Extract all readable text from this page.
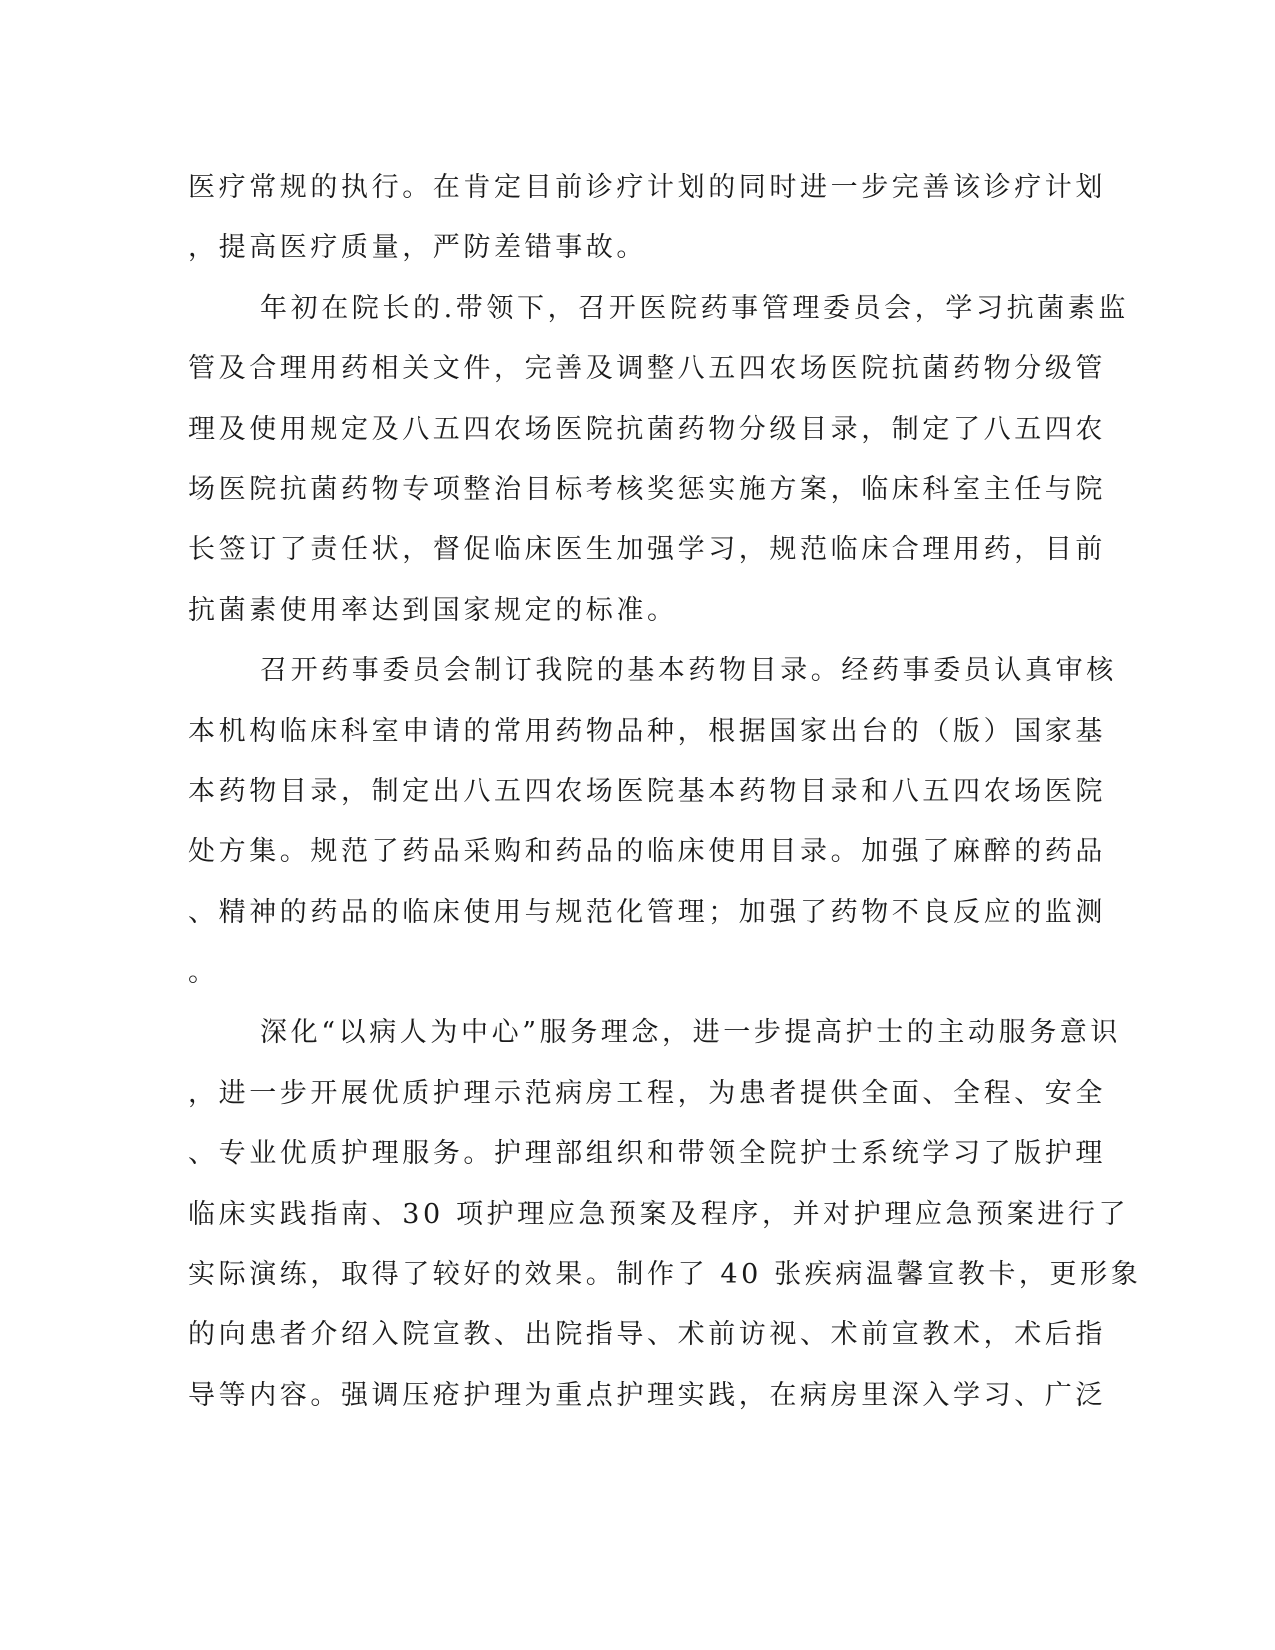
医疗常规的执行。在肯定目前诊疗计划的同时进一步完善该诊疗计划
，提高医疗质量，严防差错事故。
年初在院长的.带领下，召开医院药事管理委员会，学习抗菌素监
管及合理用药相关文件，完善及调整八五四农场医院抗菌药物分级管
理及使用规定及八五四农场医院抗菌药物分级目录，制定了八五四农
场医院抗菌药物专项整治目标考核奖惩实施方案，临床科室主任与院
长签订了责任状，督促临床医生加强学习，规范临床合理用药，目前
抗菌素使用率达到国家规定的标准。
召开药事委员会制订我院的基本药物目录。经药事委员认真审核
本机构临床科室申请的常用药物品种，根据国家出台的（版）国家基
本药物目录，制定出八五四农场医院基本药物目录和八五四农场医院
处方集。规范了药品采购和药品的临床使用目录。加强了麻醉的药品
、精神的药品的临床使用与规范化管理；加强了药物不良反应的监测
。
深化“以病人为中心”服务理念，进一步提高护士的主动服务意识
，进一步开展优质护理示范病房工程，为患者提供全面、全程、安全
、专业优质护理服务。护理部组织和带领全院护士系统学习了版护理
临床实践指南、30 项护理应急预案及程序，并对护理应急预案进行了
实际演练，取得了较好的效果。制作了 40 张疾病温馨宣教卡，更形象
的向患者介绍入院宣教、出院指导、术前访视、术前宣教术，术后指
导等内容。强调压疮护理为重点护理实践，在病房里深入学习、广泛
